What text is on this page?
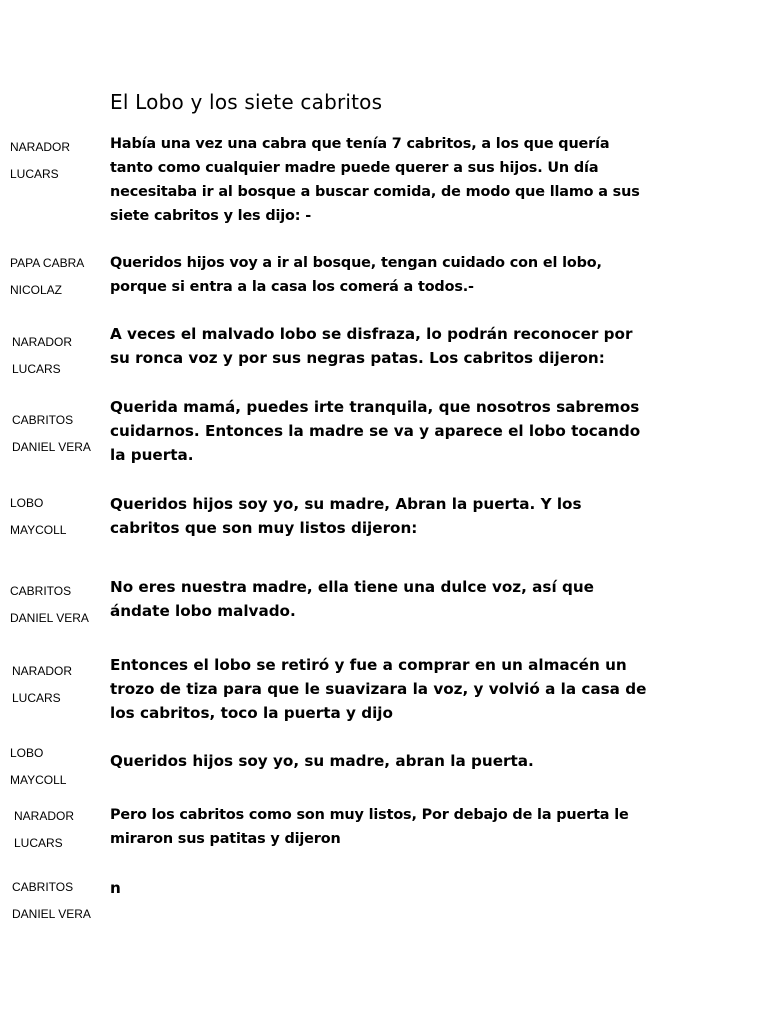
El Lobo y los siete cabritos
NARADOR
LUCARS
Había una vez una cabra que tenía 7 cabritos, a los que quería tanto como cualquier madre puede querer a sus hijos. Un día necesitaba ir al bosque a buscar comida, de modo que llamo a sus siete cabritos y les dijo: -
PAPA CABRA
NICOLAZ
Queridos hijos voy a ir al bosque, tengan cuidado con el lobo, porque si entra a la casa los comerá a todos.-
NARADOR
LUCARS
A veces el malvado lobo se disfraza, lo podrán reconocer por su ronca voz y por sus negras patas. Los cabritos dijeron:
CABRITOS
DANIEL VERA
Querida mamá, puedes irte tranquila, que nosotros sabremos cuidarnos. Entonces la madre se va y aparece el lobo tocando la puerta.
LOBO
MAYCOLL
Queridos hijos soy yo, su madre, Abran la puerta. Y los cabritos que son muy listos dijeron:
CABRITOS
DANIEL VERA
No eres nuestra madre, ella tiene una dulce voz, así que ándate lobo malvado.
NARADOR
LUCARS
Entonces el lobo se retiró y fue a comprar en un almacén un trozo de tiza para que le suavizara la voz, y volvió a la casa de los cabritos, toco la puerta y dijo
LOBO
MAYCOLL
Queridos hijos soy yo, su madre, abran la puerta.
NARADOR
LUCARS
Pero los cabritos como son muy listos, Por debajo de la puerta le miraron sus patitas y dijeron
CABRITOS
DANIEL VERA
n
